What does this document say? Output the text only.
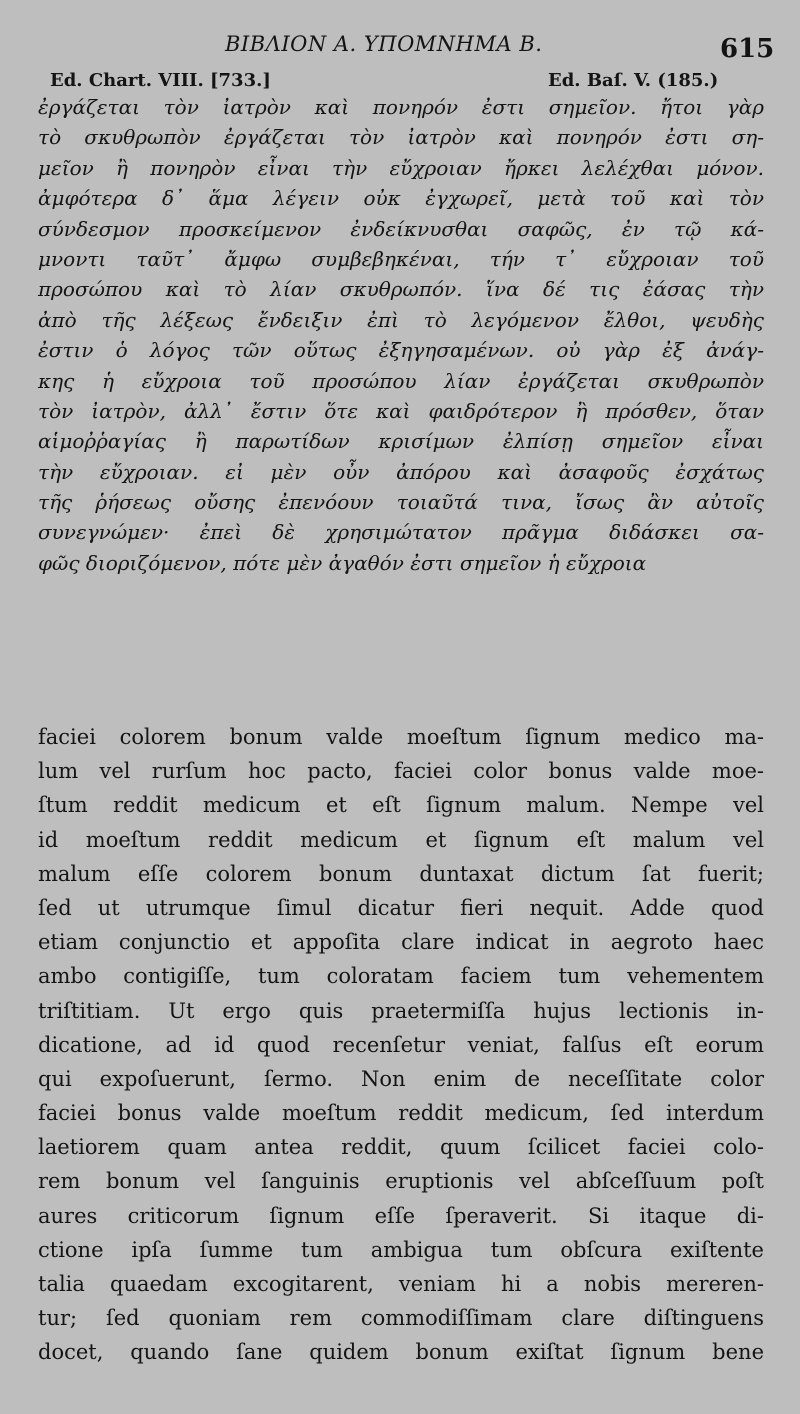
ΒΙΒΛΙΟΝ Α. ΥΠΟΜΝΗΜΑ Β.	615
Ed. Chart. VIII. [733.]	Ed. Baſ. V. (185.)
ἐργάζεται τὸν ἰατρὸν καὶ πονηρόν ἐστι σημεῖον. ἤτοι γὰρ
τὸ σκυθρωπὸν ἐργάζεται τὸν ἰατρὸν καὶ πονηρόν ἐστι ση-
μεῖον ἢ πονηρὸν εἶναι τὴν εὔχροιαν ἤρκει λελέχθαι μόνον.
ἀμφότερα δ᾽ ἅμα λέγειν οὐκ ἐγχωρεῖ, μετὰ τοῦ καὶ τὸν
σύνδεσμον προσκείμενον ἐνδείκνυσθαι σαφῶς, ἐν τῷ κά-
μνοντι ταῦτ᾽ ἄμφω συμβεβηκέναι, τήν τ᾽ εὔχροιαν τοῦ
προσώπου καὶ τὸ λίαν σκυθρωπόν. ἵνα δέ τις ἐάσας τὴν
ἀπὸ τῆς λέξεως ἔνδειξιν ἐπὶ τὸ λεγόμενον ἔλθοι, ψευδὴς
ἐστιν ὁ λόγος τῶν οὕτως ἐξηγησαμένων. οὐ γὰρ ἐξ ἀνάγ-
κης ἡ εὔχροια τοῦ προσώπου λίαν ἐργάζεται σκυθρωπὸν
τὸν ἰατρὸν, ἀλλ᾽ ἔστιν ὅτε καὶ φαιδρότερον ἢ πρόσθεν, ὅταν
αἱμοῤῥαγίας ἢ παρωτίδων κρισίμων ἐλπίσῃ σημεῖον εἶναι
τὴν εὔχροιαν. εἰ μὲν οὖν ἀπόρου καὶ ἀσαφοῦς ἐσχάτως
τῆς ῥήσεως οὔσης ἐπενόουν τοιαῦτά τινα, ἴσως ἂν αὐτοῖς
συνεγνώμεν· ἐπεὶ δὲ χρησιμώτατον πρᾶγμα διδάσκει σα-
φῶς διοριζόμενον, πότε μὲν ἀγαθόν ἐστι σημεῖον ἡ εὔχροια
faciei colorem bonum valde moeſtum ſignum medico ma-
lum vel rurſum hoc pacto, faciei color bonus valde moe-
ſtum reddit medicum et eſt ſignum malum. Nempe vel
id moeſtum reddit medicum et ſignum eſt malum vel
malum eſſe colorem bonum duntaxat dictum ſat fuerit;
ſed ut utrumque ſimul dicatur fieri nequit. Adde quod
etiam conjunctio et appoſita clare indicat in aegroto haec
ambo contigiſſe, tum coloratam faciem tum vehementem
triſtitiam. Ut ergo quis praetermiſſa hujus lectionis in-
dicatione, ad id quod recenſetur veniat, falſus eſt eorum
qui expoſuerunt, ſermo. Non enim de neceſſitate color
faciei bonus valde moeſtum reddit medicum, ſed interdum
laetiorem quam antea reddit, quum ſcilicet faciei colo-
rem bonum vel ſanguinis eruptionis vel abſceſſuum poſt
aures criticorum ſignum eſſe ſperaverit. Si itaque di-
ctione ipſa ſumme tum ambigua tum obſcura exiſtente
talia quaedam excogitarent, veniam hi a nobis mereren-
tur; ſed quoniam rem commodiſſimam clare diſtinguens
docet, quando ſane quidem bonum exiſtat ſignum bene
